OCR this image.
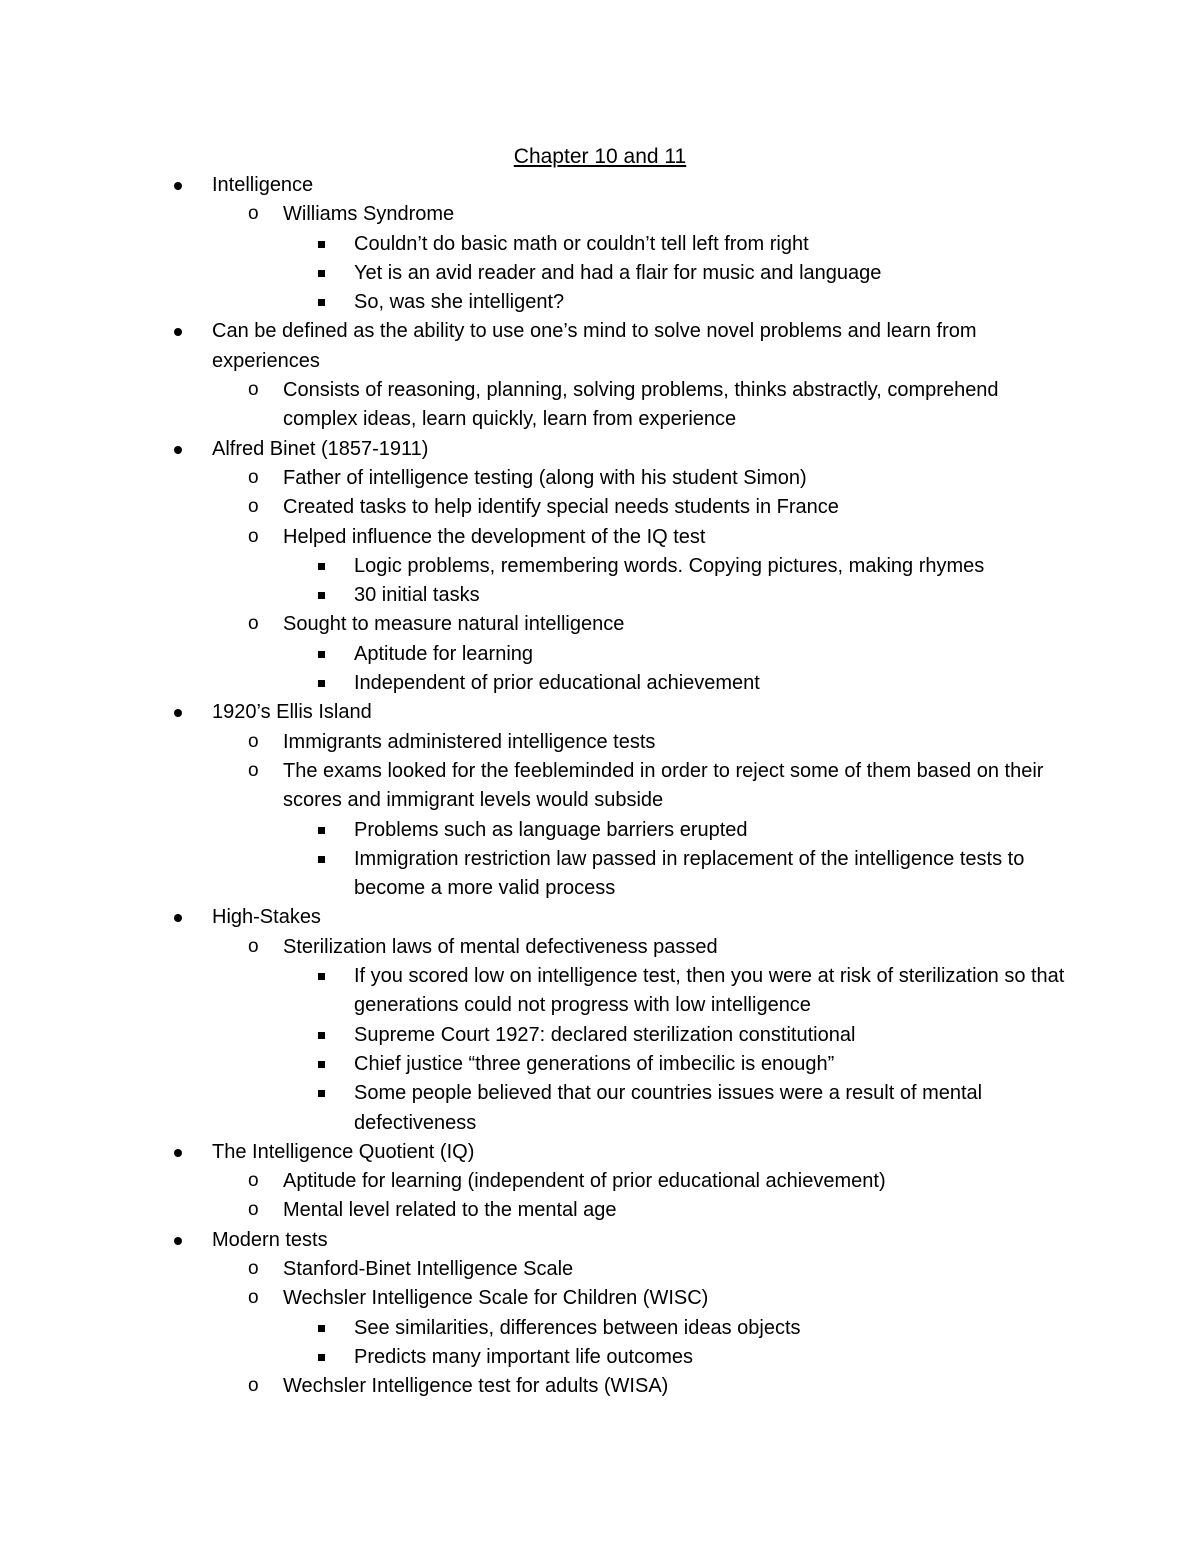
Chapter 10 and 11
Intelligence
o Williams Syndrome
Couldn’t do basic math or couldn’t tell left from right
Yet is an avid reader and had a flair for music and language
So, was she intelligent?
Can be defined as the ability to use one’s mind to solve novel problems and learn from experiences
o Consists of reasoning, planning, solving problems, thinks abstractly, comprehend complex ideas, learn quickly, learn from experience
Alfred Binet (1857-1911)
o Father of intelligence testing (along with his student Simon)
o Created tasks to help identify special needs students in France
o Helped influence the development of the IQ test
Logic problems, remembering words. Copying pictures, making rhymes
30 initial tasks
o Sought to measure natural intelligence
Aptitude for learning
Independent of prior educational achievement
1920’s Ellis Island
o Immigrants administered intelligence tests
o The exams looked for the feebleminded in order to reject some of them based on their scores and immigrant levels would subside
Problems such as language barriers erupted
Immigration restriction law passed in replacement of the intelligence tests to become a more valid process
High-Stakes
o Sterilization laws of mental defectiveness passed
If you scored low on intelligence test, then you were at risk of sterilization so that generations could not progress with low intelligence
Supreme Court 1927: declared sterilization constitutional
Chief justice “three generations of imbecilic is enough”
Some people believed that our countries issues were a result of mental defectiveness
The Intelligence Quotient (IQ)
o Aptitude for learning (independent of prior educational achievement)
o Mental level related to the mental age
Modern tests
o Stanford-Binet Intelligence Scale
o Wechsler Intelligence Scale for Children (WISC)
See similarities, differences between ideas objects
Predicts many important life outcomes
o Wechsler Intelligence test for adults (WISA)
